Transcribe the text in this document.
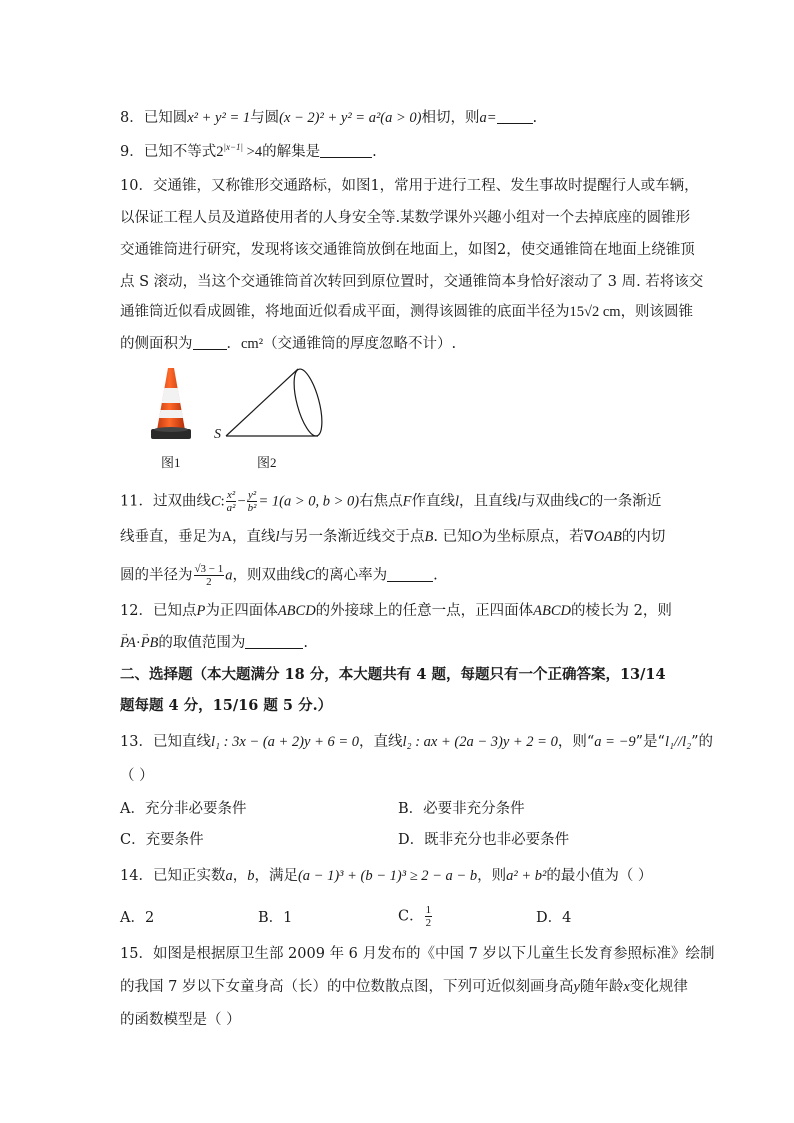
8．已知圆x² + y² = 1与圆(x − 2)² + y² = a²(a > 0)相切，则a= .
9．已知不等式$2^{|x-1|} >4$的解集是	.
10．交通锥，又称锥形交通路标，如图1，常用于进行工程、发生事故时提醒行人或车辆，
以保证工程人员及道路使用者的人身安全等.某数学课外兴趣小组对一个去掉底座的圆锥形
交通锥筒进行研究，发现将该交通锥筒放倒在地面上，如图2，使交通锥筒在地面上绕锥顶
点 S 滚动，当这个交通锥筒首次转回到原位置时，交通锥筒本身恰好滚动了 3 周. 若将该交
通锥筒近似看成圆锥，将地面近似看成平面，测得该圆锥的底面半径为15√2 cm，则该圆锥
的侧面积为 ．cm²（交通锥筒的厚度忽略不计）.
图1
S
图2
11．过双曲线C: $\frac{\text{x²}}{\text{a²}} - \frac{\text{y²}}{\text{b²}} = 1(a > 0$, b > 0)右焦点F作直线l，且直线l与双曲线C的一条渐近
线垂直，垂足为A，直线l与另一条渐近线交于点B. 已知O为坐标原点，若∇OAB的内切
圆的半径为 $\frac{√3 - 1}{2}$ a，则双曲线C的离心率为	.
12．已知点P为正四面体ABCD的外接球上的任意一点，正四面体ABCD的棱长为 2，则
→ PA·→ PB的取值范围为	.
二、选择题（本大题满分 18 分，本大题共有 4 题，每题只有一个正确答案，13/14
题每题 4 分，15/16 题 5 分.）
13．已知直线l₁ : 3x − (a + 2)y + 6 = 0，直线l₂ : ax + (2a − 3)y + 2 = 0，则“a = −9”是“l₁//l₂”的
（ ）
A．充分非必要条件	B．必要非充分条件
C．充要条件	D．既非充分也非必要条件
14．已知正实数a，b，满足(a − 1)³ + (b − 1)³ ≥ 2 − a − b，则a² + b²的最小值为（ ）
A．2	B．1	C． $\frac{1}{2}$	D．4
15．如图是根据原卫生部 2009 年 6 月发布的《中国 7 岁以下儿童生长发育参照标准》绘制
的我国 7 岁以下女童身高（长）的中位数散点图，下列可近似刻画身高y随年龄x变化规律
的函数模型是（ ）
